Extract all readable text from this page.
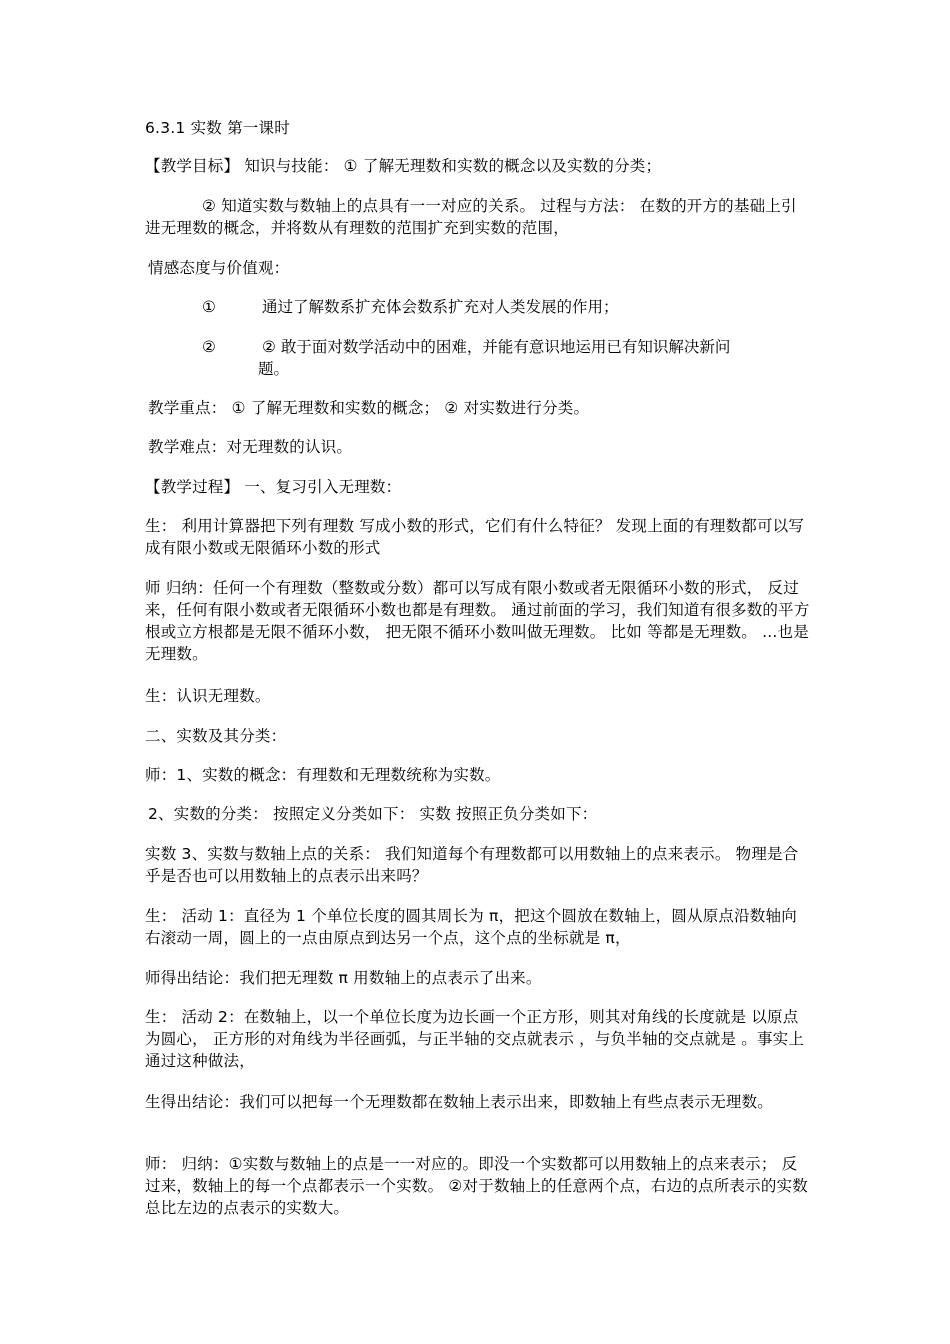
6.3.1 实数 第一课时
【教学目标】 知识与技能： ① 了解无理数和实数的概念以及实数的分类；
② 知道实数与数轴上的点具有一一对应的关系。 过程与方法： 在数的开方的基础上引进无理数的概念，并将数从有理数的范围扩充到实数的范围，
情感态度与价值观：
①	通过了解数系扩充体会数系扩充对人类发展的作用；
②	② 敢于面对数学活动中的困难，并能有意识地运用已有知识解决新问
题。
教学重点： ① 了解无理数和实数的概念； ② 对实数进行分类。
教学难点：对无理数的认识。
【教学过程】 一、复习引入无理数：
生： 利用计算器把下列有理数 写成小数的形式，它们有什么特征？ 发现上面的有理数都可以写成有限小数或无限循环小数的形式
师 归纳：任何一个有理数（整数或分数）都可以写成有限小数或者无限循环小数的形式， 反过来，任何有限小数或者无限循环小数也都是有理数。 通过前面的学习，我们知道有很多数的平方根或立方根都是无限不循环小数， 把无限不循环小数叫做无理数。 比如 等都是无理数。 ...也是无理数。
生：认识无理数。
二、实数及其分类：
师：1、实数的概念：有理数和无理数统称为实数。
2、实数的分类： 按照定义分类如下： 实数 按照正负分类如下：
实数 3、实数与数轴上点的关系： 我们知道每个有理数都可以用数轴上的点来表示。 物理是合乎是否也可以用数轴上的点表示出来吗？
生： 活动 1：直径为 1 个单位长度的圆其周长为 π，把这个圆放在数轴上，圆从原点沿数轴向右滚动一周，圆上的一点由原点到达另一个点，这个点的坐标就是 π，
师得出结论：我们把无理数 π 用数轴上的点表示了出来。
生： 活动 2：在数轴上，以一个单位长度为边长画一个正方形，则其对角线的长度就是 以原点为圆心， 正方形的对角线为半径画弧，与正半轴的交点就表示 ，与负半轴的交点就是 。事实上通过这种做法，
生得出结论：我们可以把每一个无理数都在数轴上表示出来，即数轴上有些点表示无理数。
师： 归纳：①实数与数轴上的点是一一对应的。即没一个实数都可以用数轴上的点来表示； 反过来，数轴上的每一个点都表示一个实数。 ②对于数轴上的任意两个点，右边的点所表示的实数总比左边的点表示的实数大。
